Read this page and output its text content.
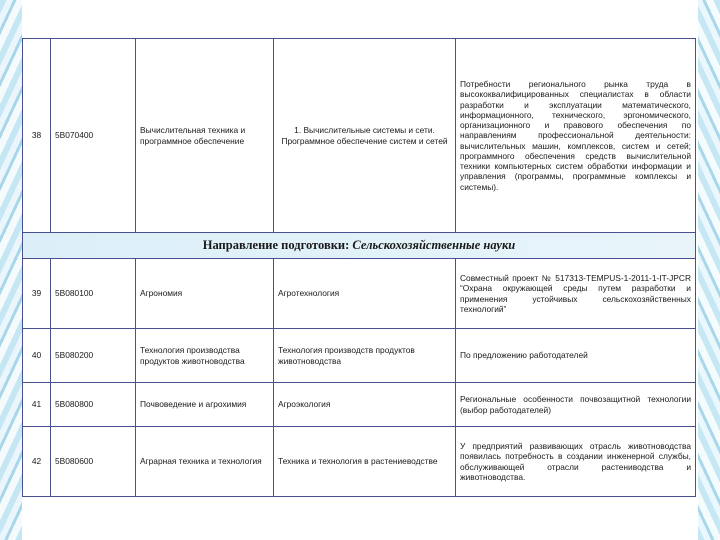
38	5В070400	Вычислительная техника и программное обеспечение	1. Вычислительные системы и сети. Программное обеспечение систем и сетей	Потребности регионального рынка труда в высококвалифицированных специалистах в области разработки и эксплуатации математического, информационного, технического, эргономического, организационного и правового обеспечения по направлениям профессиональной деятельности: вычислительных машин, комплексов, систем и сетей; программного обеспечения средств вычислительной техники компьютерных систем обработки информации и управления (программы, программные комплексы и системы).
Направление подготовки: Сельскохозяйственные науки				
39	5В080100	Агрономия	Агротехнология	Совместный проект № 517313-TEMPUS-1-2011-1-IT-JPCR “Охрана окружающей среды путем разработки и применения устойчивых сельскохозяйственных технологий”
40	5В080200	Технология производства продуктов животноводства	Технология производств продуктов животноводства	По предложению работодателей
41	5В080800	Почвоведение и агрохимия	Агроэкология	Региональные особенности почвозащитной технологии (выбор работодателей)
42	5В080600	Аграрная техника и технология	Техника и технология в растениеводстве	У предприятий развивающих отрасль животноводства появилась потребность в создании инженерной службы, обслуживающей отрасли растениводства и животноводства.
